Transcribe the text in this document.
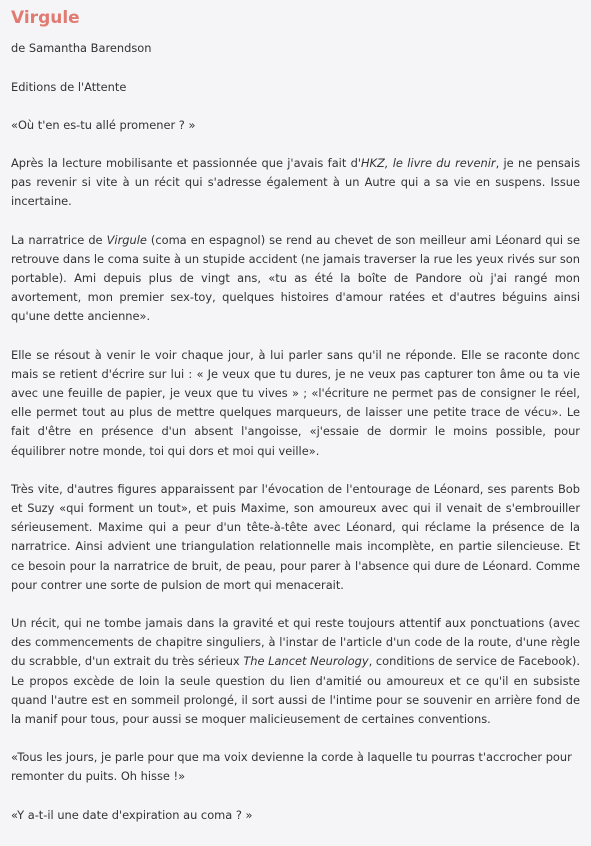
Virgule

de Samantha Barendson

Editions de l'Attente

«Où t'en es-tu allé promener ? »

Après la lecture mobilisante et passionnée que j'avais fait d'HKZ, le livre du revenir, je ne pensais pas revenir si vite à un récit qui s'adresse également à un Autre qui a sa vie en suspens. Issue incertaine.

La narratrice de Virgule (coma en espagnol) se rend au chevet de son meilleur ami Léonard qui se retrouve dans le coma suite à un stupide accident (ne jamais traverser la rue les yeux rivés sur son portable). Ami depuis plus de vingt ans, «tu as été la boîte de Pandore où j'ai rangé mon avortement, mon premier sex-toy, quelques histoires d'amour ratées et d'autres béguins ainsi qu'une dette ancienne».

Elle se résout à venir le voir chaque jour, à lui parler sans qu'il ne réponde. Elle se raconte donc mais se retient d'écrire sur lui : « Je veux que tu dures, je ne veux pas capturer ton âme ou ta vie avec une feuille de papier, je veux que tu vives » ; «l'écriture ne permet pas de consigner le réel, elle permet tout au plus de mettre quelques marqueurs, de laisser une petite trace de vécu». Le fait d'être en présence d'un absent l'angoisse, «j'essaie de dormir le moins possible, pour équilibrer notre monde, toi qui dors et moi qui veille».

Très vite, d'autres figures apparaissent par l'évocation de l'entourage de Léonard, ses parents Bob et Suzy «qui forment un tout», et puis Maxime, son amoureux avec qui il venait de s'embrouiller sérieusement. Maxime qui a peur d'un tête-à-tête avec Léonard, qui réclame la présence de la narratrice. Ainsi advient une triangulation relationnelle mais incomplète, en partie silencieuse. Et ce besoin pour la narratrice de bruit, de peau, pour parer à l'absence qui dure de Léonard. Comme pour contrer une sorte de pulsion de mort qui menacerait.

Un récit, qui ne tombe jamais dans la gravité et qui reste toujours attentif aux ponctuations (avec des commencements de chapitre singuliers, à l'instar de l'article d'un code de la route, d'une règle du scrabble, d'un extrait du très sérieux The Lancet Neurology, conditions de service de Facebook). Le propos excède de loin la seule question du lien d'amitié ou amoureux et ce qu'il en subsiste quand l'autre est en sommeil prolongé, il sort aussi de l'intime pour se souvenir en arrière fond de la manif pour tous, pour aussi se moquer malicieusement de certaines conventions.

«Tous les jours, je parle pour que ma voix devienne la corde à laquelle tu pourras t'accrocher pour remonter du puits. Oh hisse !»

«Y a-t-il une date d'expiration au coma ? »
